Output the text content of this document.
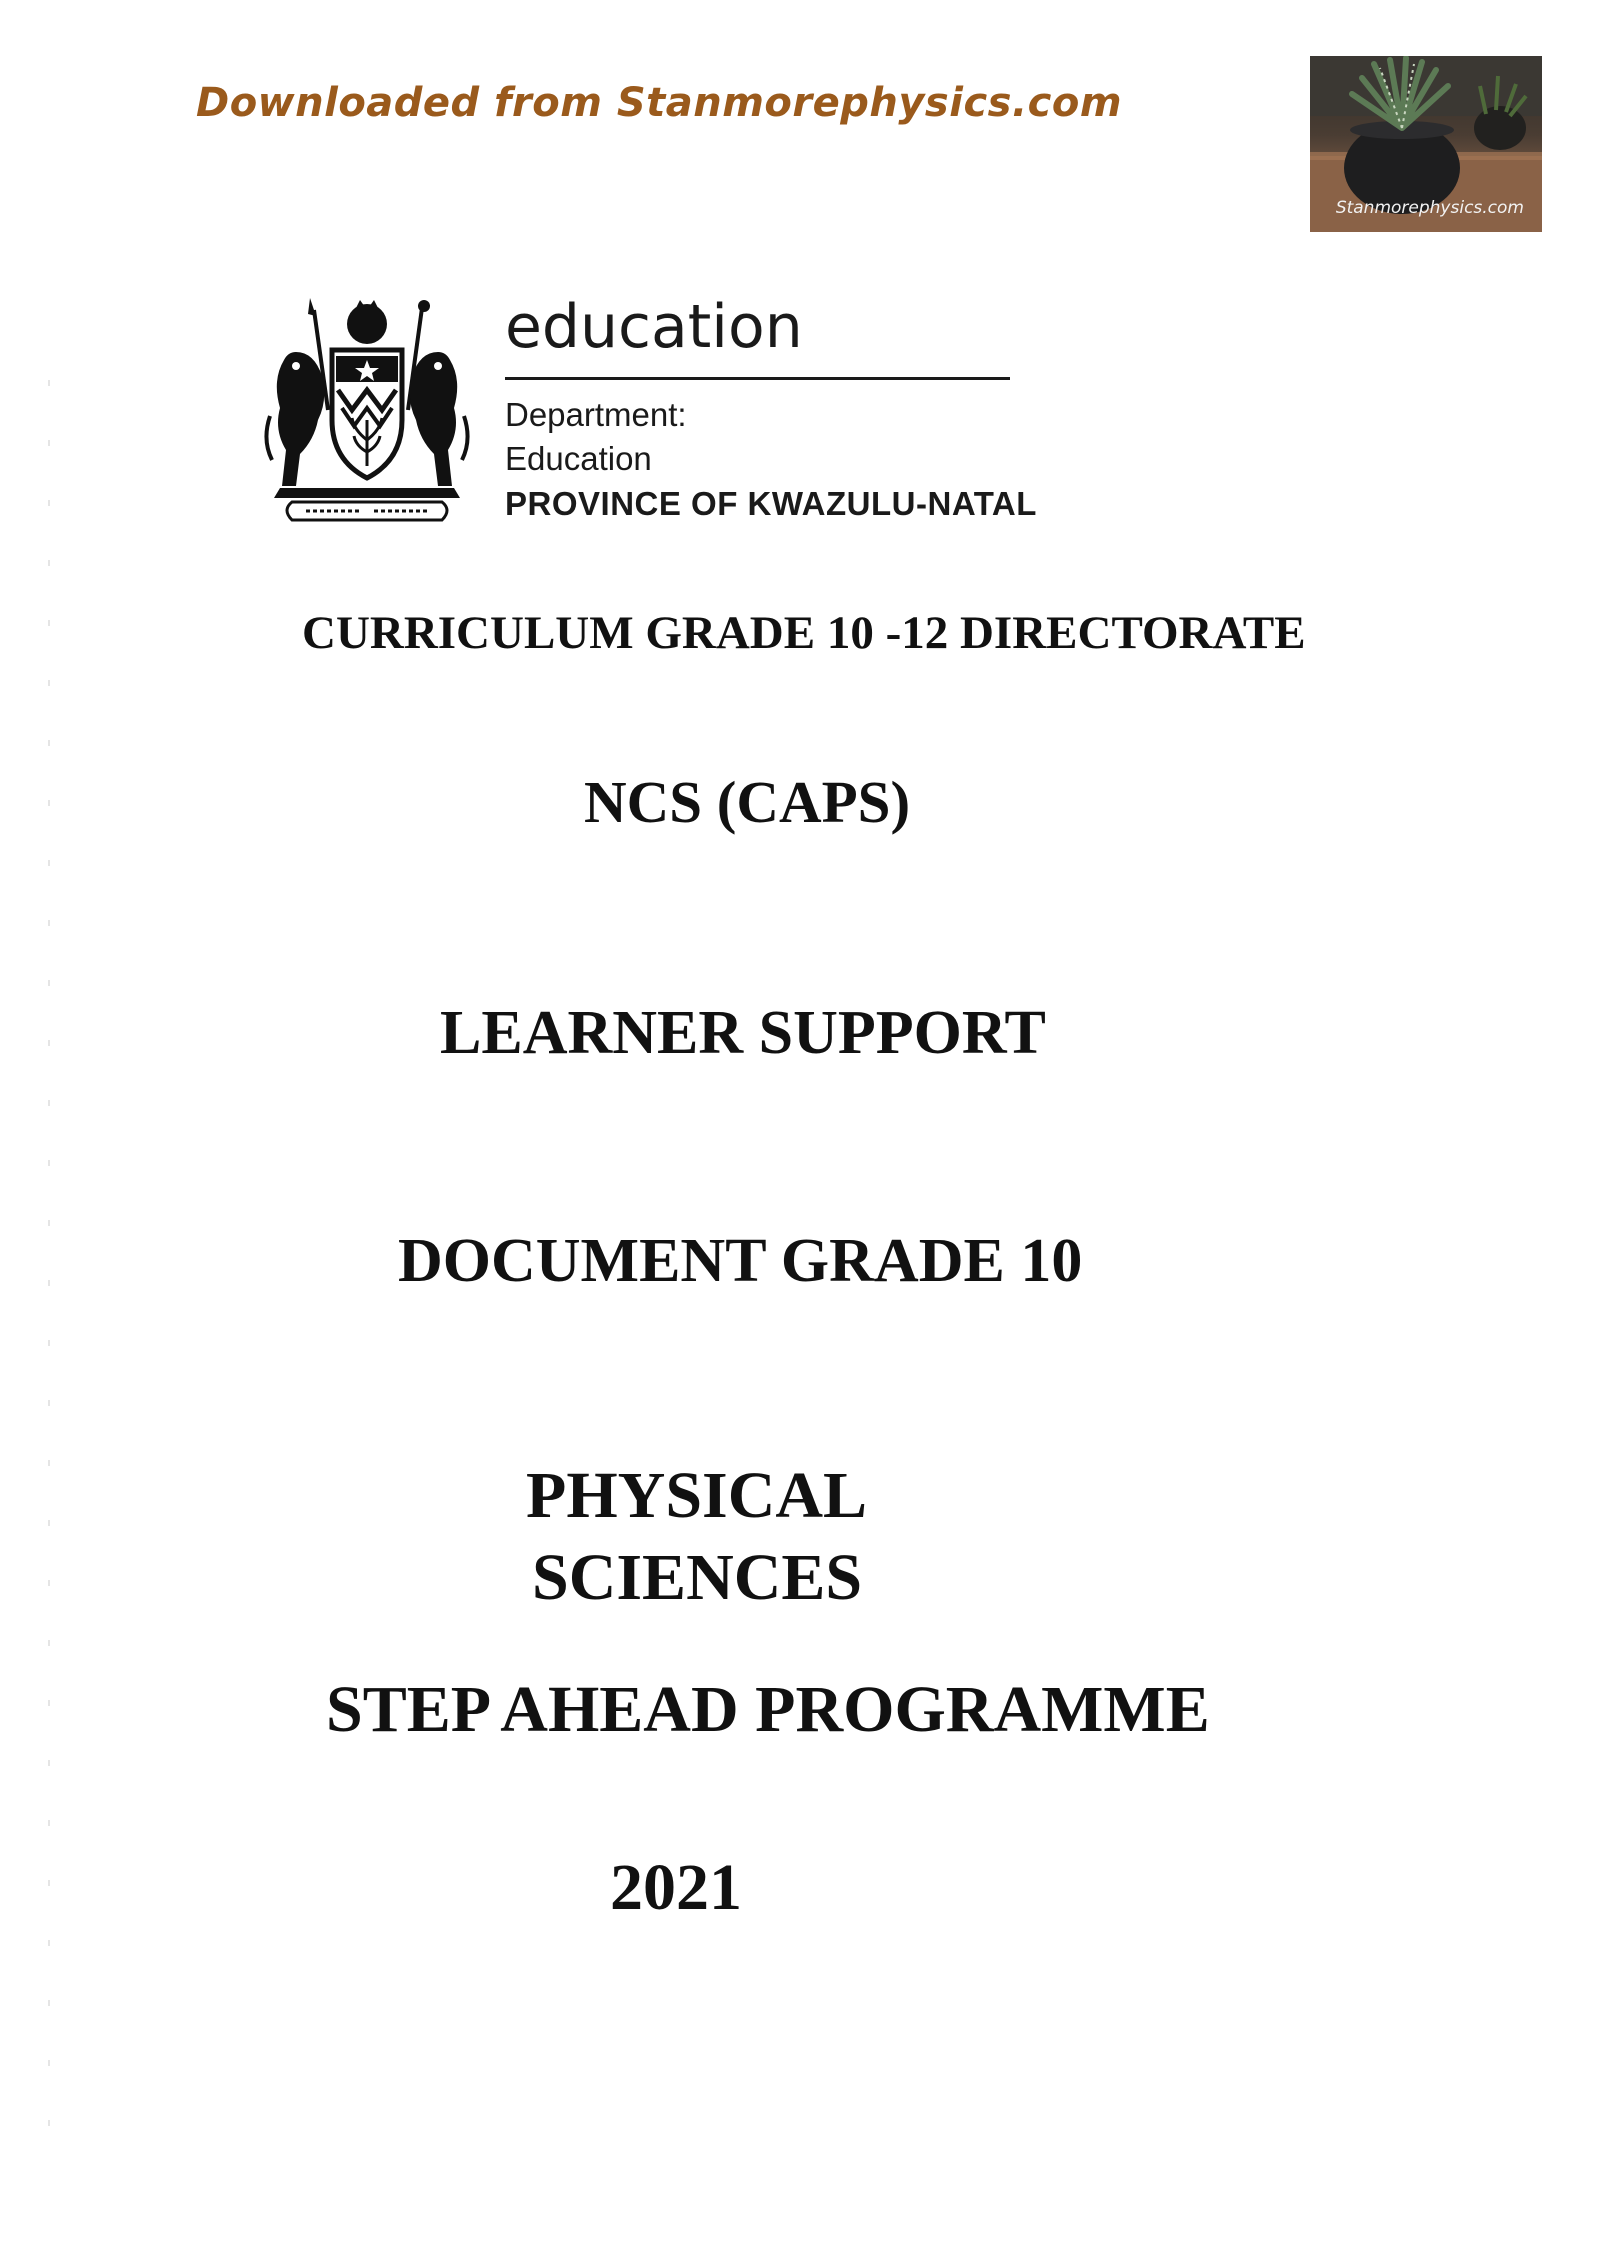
Downloaded from Stanmorephysics.com
Stanmorephysics.com
education
Department:
Education
PROVINCE OF KWAZULU-NATAL
CURRICULUM GRADE 10 -12 DIRECTORATE
NCS (CAPS)
LEARNER SUPPORT
DOCUMENT GRADE 10
PHYSICAL
SCIENCES
STEP AHEAD PROGRAMME
2021
